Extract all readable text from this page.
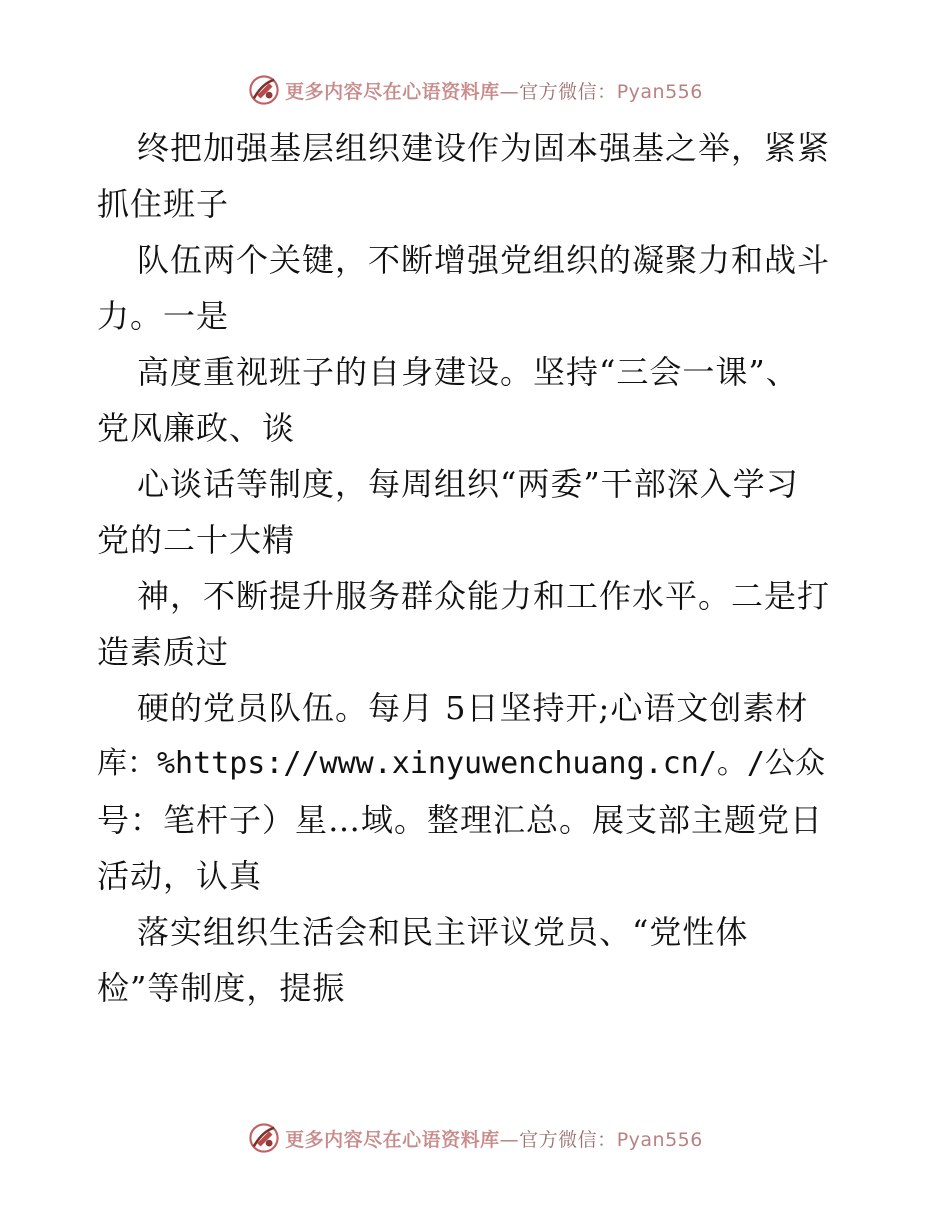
更多内容尽在心语资料库—官方微信：Pyan556
终把加强基层组织建设作为固本强基之举，紧紧
抓住班子
队伍两个关键，不断增强党组织的凝聚力和战斗
力。一是
高度重视班子的自身建设。坚持“三会一课”、
党风廉政、谈
心谈话等制度，每周组织“两委”干部深入学习
党的二十大精
神，不断提升服务群众能力和工作水平。二是打
造素质过
硬的党员队伍。每月 5日坚持开;心语文创素材
库：%https://www.xinyuwenchuang.cn/。/公众
号：笔杆子）星…域。整理汇总。展支部主题党日
活动，认真
落实组织生活会和民主评议党员、“党性体
检”等制度，提振
更多内容尽在心语资料库—官方微信：Pyan556
